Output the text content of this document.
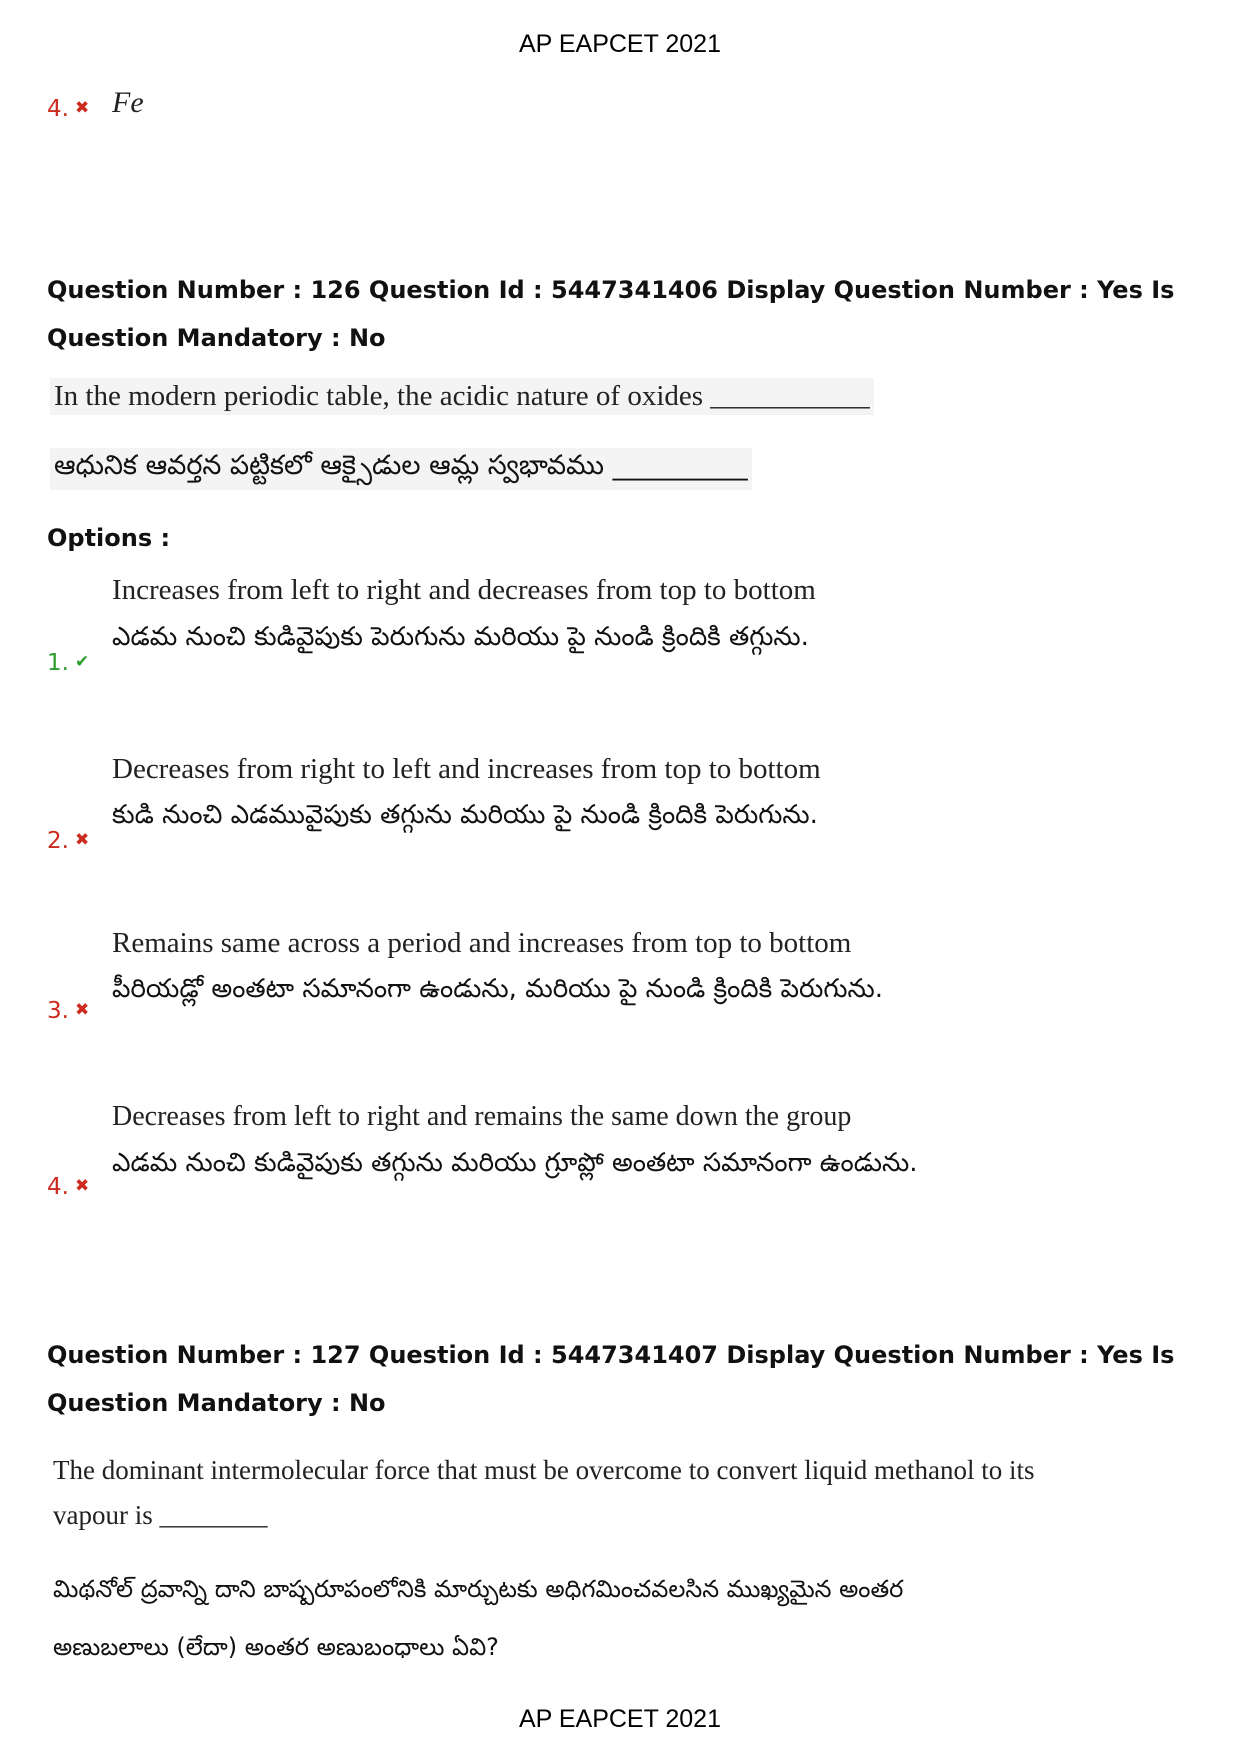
AP EAPCET 2021
4. ✖ Fe
Question Number : 126 Question Id : 5447341406 Display Question Number : Yes Is Question Mandatory : No
In the modern periodic table, the acidic nature of oxides ___________
ఆధునిక ఆవర్తన పట్టికలో ఆక్సైడుల ఆమ్ల స్వభావము __________
Options :
Increases from left to right and decreases from top to bottom
ఎడమ నుంచి కుడివైపుకు పెరుగును మరియు పై నుండి క్రిందికి తగ్గును.
1. ✔
Decreases from right to left and increases from top to bottom
కుడి నుంచి ఎడమువైపుకు తగ్గును మరియు పై నుండి క్రిందికి పెరుగును.
2. ✖
Remains same across a period and increases from top to bottom
పీరియడ్లో అంతటా సమానంగా ఉండును, మరియు పై నుండి క్రిందికి పెరుగును.
3. ✖
Decreases from left to right and remains the same down the group
ఎడమ నుంచి కుడివైపుకు తగ్గును మరియు గ్రూప్లో అంతటా సమానంగా ఉండును.
4. ✖
Question Number : 127 Question Id : 5447341407 Display Question Number : Yes Is Question Mandatory : No
The dominant intermolecular force that must be overcome to convert liquid methanol to its
vapour is ________
మిథనోల్ ద్రవాన్ని దాని బాష్పరూపంలోనికి మార్చుటకు అధిగమించవలసిన ముఖ్యమైన అంతర
అణుబలాలు (లేదా) అంతర అణుబంధాలు ఏవి?
AP EAPCET 2021
